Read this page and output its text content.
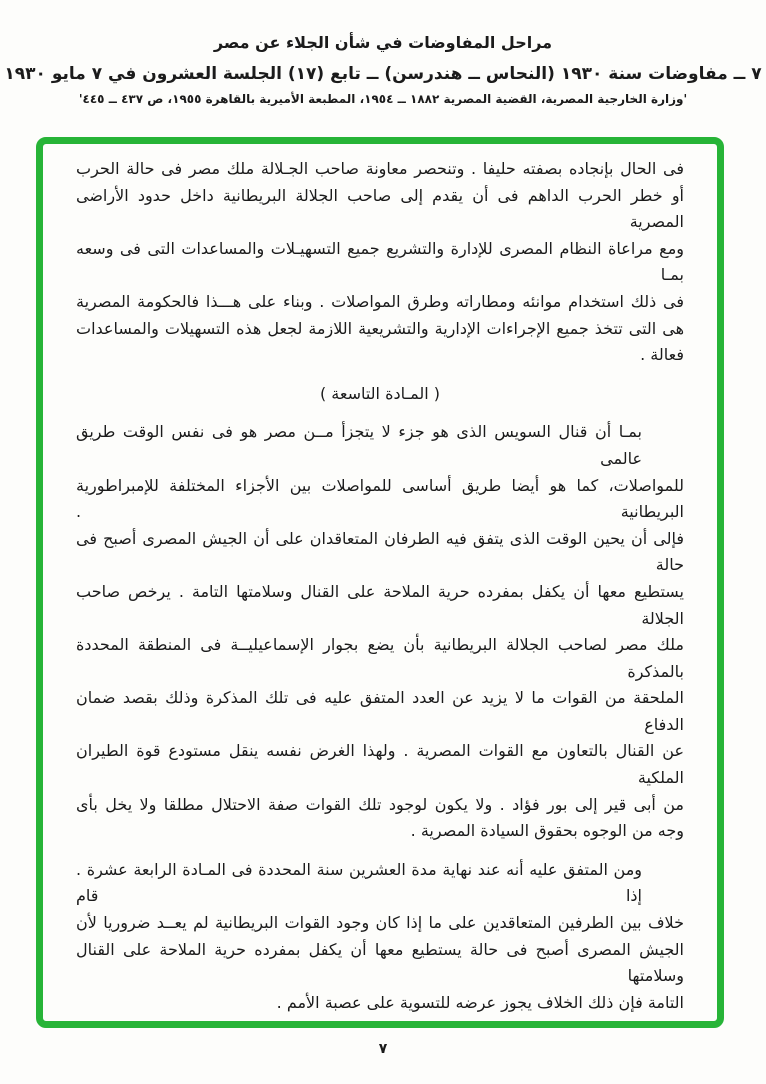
مراحل المفاوضات في شأن الجلاء عن مصر
٧ ــ مفاوضات سنة ١٩٣٠ (النحاس ــ هندرسن) ــ تابع (١٧) الجلسة العشرون في ٧ مايو ١٩٣٠
'وزارة الخارجية المصرية، القضية المصرية ١٨٨٢ ــ ١٩٥٤، المطبعة الأميرية بالقاهرة ١٩٥٥، ص ٤٣٧ ــ ٤٤٥'
فى الحال بإنجاده بصفته حليفا . وتنحصر معاونة صاحب الجـلالة ملك مصر فى حالة الحرب
أو خطر الحرب الداهم فى أن يقدم إلى صاحب الجلالة البريطانية داخل حدود الأراضى المصرية
ومع مراعاة النظام المصرى للإدارة والتشريع جميع التسهيـلات والمساعدات التى فى وسعه بمـا
فى ذلك استخدام موانئه ومطاراته وطرق المواصلات . وبناء على هـــذا فالحكومة المصرية
هى التى تتخذ جميع الإجراءات الإدارية والتشريعية اللازمة لجعل هذه التسهيلات والمساعدات فعالة .
( المـادة التاسعة )
بمـا أن قنال السويس الذى هو جزء لا يتجزأ مــن مصر هو فى نفس الوقت طريق عالمى
للمواصلات، كما هو أيضا طريق أساسى للمواصلات بين الأجزاء المختلفة للإمبراطورية البريطانية .
فإلى أن يحين الوقت الذى يتفق فيه الطرفان المتعاقدان على أن الجيش المصرى أصبح فى حالة
يستطيع معها أن يكفل بمفرده حرية الملاحة على القنال وسلامتها التامة . يرخص صاحب الجلالة
ملك مصر لصاحب الجلالة البريطانية بأن يضع بجوار الإسماعيليــة فى المنطقة المحددة بالمذكرة
الملحقة من القوات ما لا يزيد عن العدد المتفق عليه فى تلك المذكرة وذلك بقصد ضمان الدفاع
عن القنال بالتعاون مع القوات المصرية . ولهذا الغرض نفسه ينقل مستودع قوة الطيران الملكية
من أبى قير إلى بور فؤاد . ولا يكون لوجود تلك القوات صفة الاحتلال مطلقا ولا يخل بأى
وجه من الوجوه بحقوق السيادة المصرية .
ومن المتفق عليه أنه عند نهاية مدة العشرين سنة المحددة فى المـادة الرابعة عشرة . إذا قام
خلاف بين الطرفين المتعاقدين على ما إذا كان وجود القوات البريطانية لم يعــد ضروريا لأن
الجيش المصرى أصبح فى حالة يستطيع معها أن يكفل بمفرده حرية الملاحة على القنال وسلامتها
التامة فإن ذلك الخلاف يجوز عرضه للتسوية على عصبة الأمم .
٧
